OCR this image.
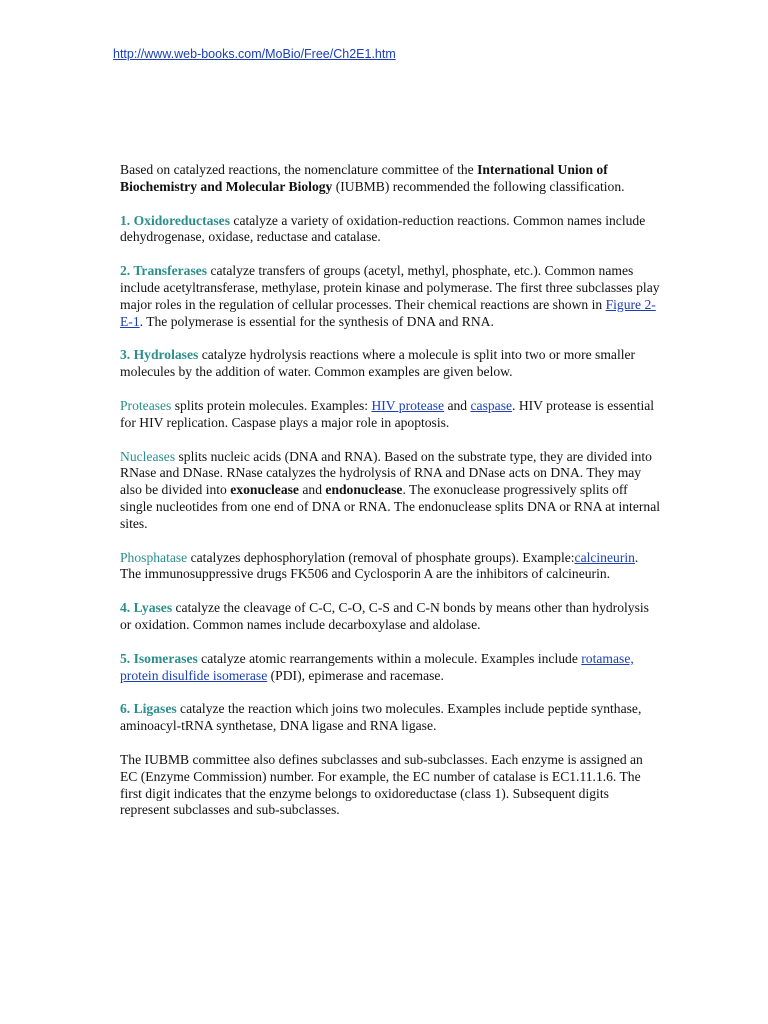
http://www.web-books.com/MoBio/Free/Ch2E1.htm

Based on catalyzed reactions, the nomenclature committee of the International Union of Biochemistry and Molecular Biology (IUBMB) recommended the following classification.

1. Oxidoreductases catalyze a variety of oxidation-reduction reactions. Common names include dehydrogenase, oxidase, reductase and catalase.

2. Transferases catalyze transfers of groups (acetyl, methyl, phosphate, etc.). Common names include acetyltransferase, methylase, protein kinase and polymerase. The first three subclasses play major roles in the regulation of cellular processes. Their chemical reactions are shown in Figure 2-E-1. The polymerase is essential for the synthesis of DNA and RNA.

3. Hydrolases catalyze hydrolysis reactions where a molecule is split into two or more smaller molecules by the addition of water. Common examples are given below.

Proteases splits protein molecules. Examples: HIV protease and caspase. HIV protease is essential for HIV replication. Caspase plays a major role in apoptosis.

Nucleases splits nucleic acids (DNA and RNA). Based on the substrate type, they are divided into RNase and DNase. RNase catalyzes the hydrolysis of RNA and DNase acts on DNA. They may also be divided into exonuclease and endonuclease. The exonuclease progressively splits off single nucleotides from one end of DNA or RNA. The endonuclease splits DNA or RNA at internal sites.

Phosphatase catalyzes dephosphorylation (removal of phosphate groups). Example:calcineurin. The immunosuppressive drugs FK506 and Cyclosporin A are the inhibitors of calcineurin.

4. Lyases catalyze the cleavage of C-C, C-O, C-S and C-N bonds by means other than hydrolysis or oxidation. Common names include decarboxylase and aldolase.

5. Isomerases catalyze atomic rearrangements within a molecule. Examples include rotamase, protein disulfide isomerase (PDI), epimerase and racemase.

6. Ligases catalyze the reaction which joins two molecules. Examples include peptide synthase, aminoacyl-tRNA synthetase, DNA ligase and RNA ligase.

The IUBMB committee also defines subclasses and sub-subclasses. Each enzyme is assigned an EC (Enzyme Commission) number. For example, the EC number of catalase is EC1.11.1.6. The first digit indicates that the enzyme belongs to oxidoreductase (class 1). Subsequent digits represent subclasses and sub-subclasses.
